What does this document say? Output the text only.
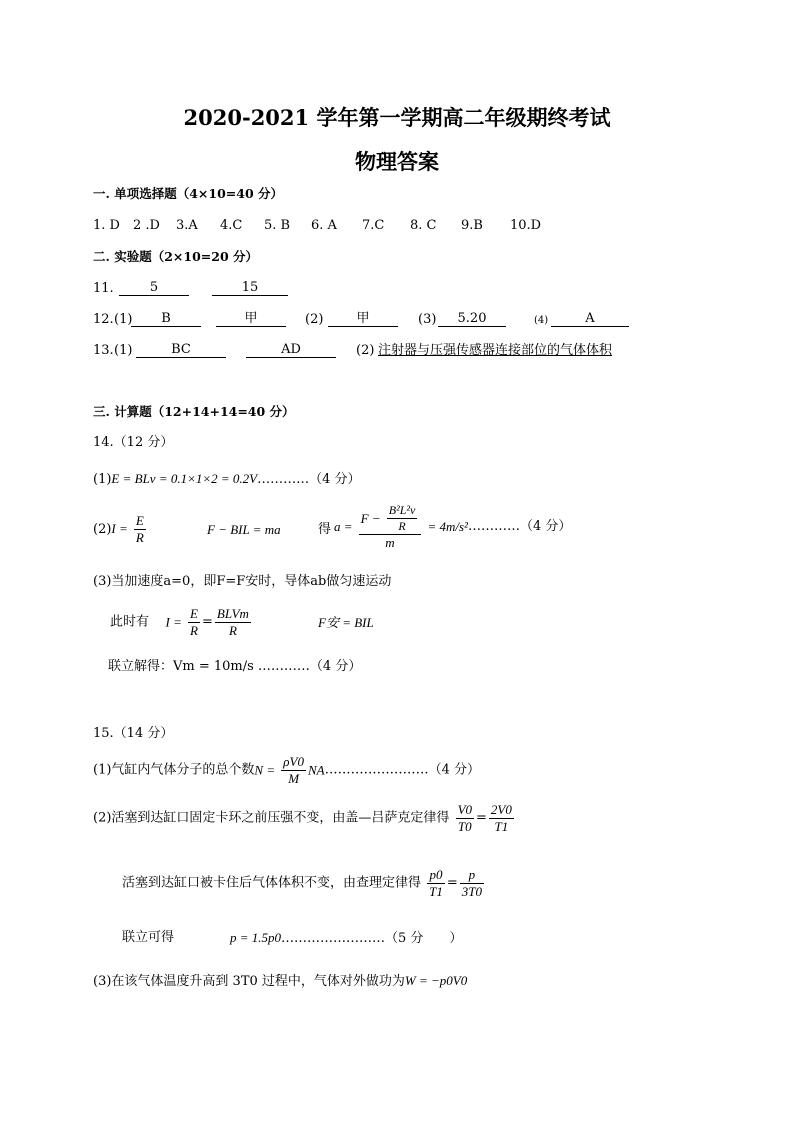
2020-2021 学年第一学期高二年级期终考试
物理答案
一. 单项选择题（4×10=40 分）
1. D 2 .D 3.A 4.C 5. B 6. A 7.C 8. C 9.B 10.D
二. 实验题（2×10=20 分）
11.	5	15
12. (1)	B	甲	(2)	甲	(3)	5.20	(4)	A
13. (1)	BC	AD	(2) 注射器与压强传感器连接部位的气体体积
三. 计算题（12+14+14=40 分）
14.（12 分）
(1)E = BLv = 0.1×1×2 = 0.2V…………（4 分）
$(2)I = \frac{E}{R}$	F − BIL = ma	得 $a = \frac{F - \frac{\text{B²L²v}}{R}}{m}$ = 4m/s²…………（4 分）
(3)当加速度a=0，即F=F安时，导体ab做匀速运动
此时有 $I = \frac{E}{R} = \frac{\text{BLVm}}{R}$	F安 = BIL
联立解得：Vm = 10m/s …………（4 分）
15.（14 分）
(1)气缸内气体分子的总个数$N = \frac{\rho V0}{M}$ NA……………………（4 分）
(2)活塞到达缸口固定卡环之前压强不变，由盖—吕萨克定律得 $\frac{V0}{T0} = \frac{2V0}{T1}$
活塞到达缸口被卡住后气体体积不变，由查理定律得 $\frac{p0}{T1} = \frac{p}{3T0}$
联立可得	p = 1.5p0……………………（5 分　　）
(3)在该气体温度升高到 3T0 过程中，气体对外做功为W = −p0V0
